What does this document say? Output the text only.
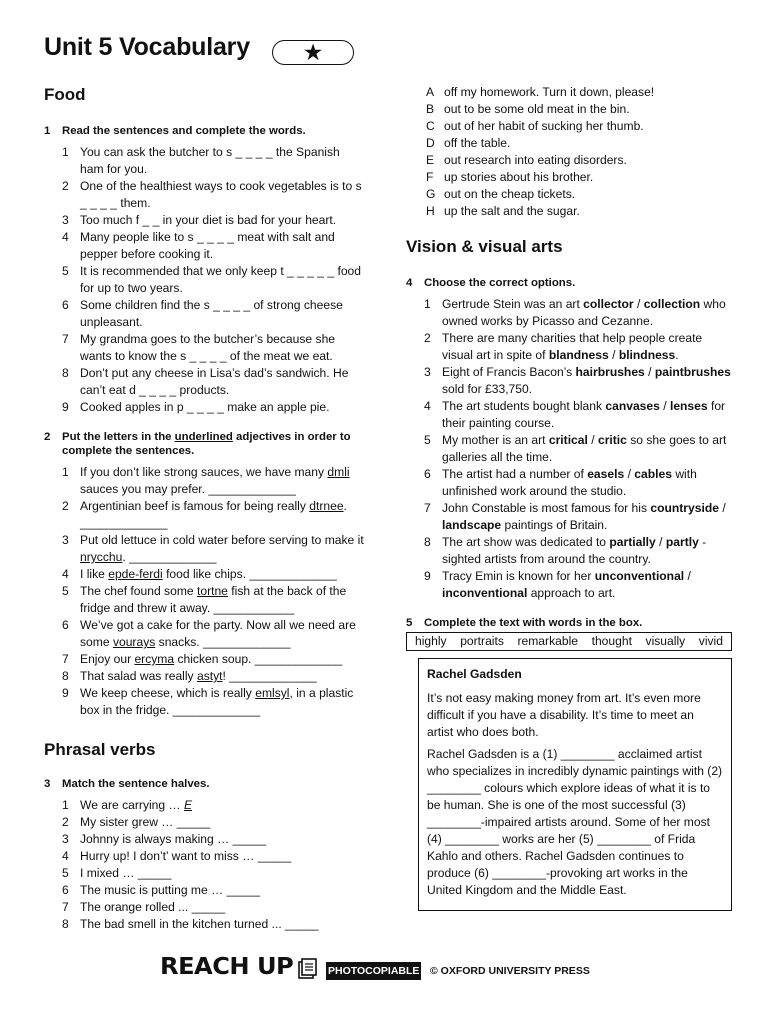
Unit 5 Vocabulary	★
Food
1	Read the sentences and complete the words.
1 You can ask the butcher to s _ _ _ _ the Spanish ham for you.
2 One of the healthiest ways to cook vegetables is to s _ _ _ _ them.
3 Too much f _ _ in your diet is bad for your heart.
4 Many people like to s _ _ _ _ meat with salt and pepper before cooking it.
5 It is recommended that we only keep t _ _ _ _ _ food for up to two years.
6 Some children find the s _ _ _ _ of strong cheese unpleasant.
7 My grandma goes to the butcher’s because she wants to know the s _ _ _ _ of the meat we eat.
8 Don’t put any cheese in Lisa’s dad’s sandwich. He can’t eat d _ _ _ _ products.
9 Cooked apples in p _ _ _ _ make an apple pie.
2	Put the letters in the underlined adjectives in order to complete the sentences.
1 If you don’t like strong sauces, we have many dmli sauces you may prefer. _____________
2 Argentinian beef is famous for being really dtrnee. _____________
3 Put old lettuce in cold water before serving to make it nrycchu. _____________
4 I like epde-ferdi food like chips. _____________
5 The chef found some tortne fish at the back of the fridge and threw it away. ____________
6 We’ve got a cake for the party. Now all we need are some vourays snacks. _____________
7 Enjoy our ercyma chicken soup. _____________
8 That salad was really astyt! _____________
9 We keep cheese, which is really emlsyl, in a plastic box in the fridge. _____________
Phrasal verbs
3	Match the sentence halves.
1 We are carrying … E
2 My sister grew … _____
3 Johnny is always making … _____
4 Hurry up! I don’t’ want to miss … _____
5 I mixed … _____
6 The music is putting me … _____
7 The orange rolled ... _____
8 The bad smell in the kitchen turned ... _____
A off my homework. Turn it down, please!
B out to be some old meat in the bin.
C out of her habit of sucking her thumb.
D off the table.
E out research into eating disorders.
F up stories about his brother.
G out on the cheap tickets.
H up the salt and the sugar.
Vision & visual arts
4	Choose the correct options.
1 Gertrude Stein was an art collector / collection who owned works by Picasso and Cezanne.
2 There are many charities that help people create visual art in spite of blandness / blindness.
3 Eight of Francis Bacon’s hairbrushes / paintbrushes sold for £33,750.
4 The art students bought blank canvases / lenses for their painting course.
5 My mother is an art critical / critic so she goes to art galleries all the time.
6 The artist had a number of easels / cables with unfinished work around the studio.
7 John Constable is most famous for his countryside / landscape paintings of Britain.
8 The art show was dedicated to partially / partly -sighted artists from around the country.
9 Tracy Emin is known for her unconventional / inconventional approach to art.
5	Complete the text with words in the box.
highly portraits remarkable thought visually vivid
Rachel Gadsden

It’s not easy making money from art. It’s even more difficult if you have a disability. It’s time to meet an artist who does both.

Rachel Gadsden is a (1) ________ acclaimed artist who specializes in incredibly dynamic paintings with (2) ________ colours which explore ideas of what it is to be human. She is one of the most successful (3) ________-impaired artists around. Some of her most (4) ________ works are her (5) ________ of Frida Kahlo and others. Rachel Gadsden continues to produce (6) ________-provoking art works in the United Kingdom and the Middle East.

REACH UP	PHOTOCOPIABLE © OXFORD UNIVERSITY PRESS
